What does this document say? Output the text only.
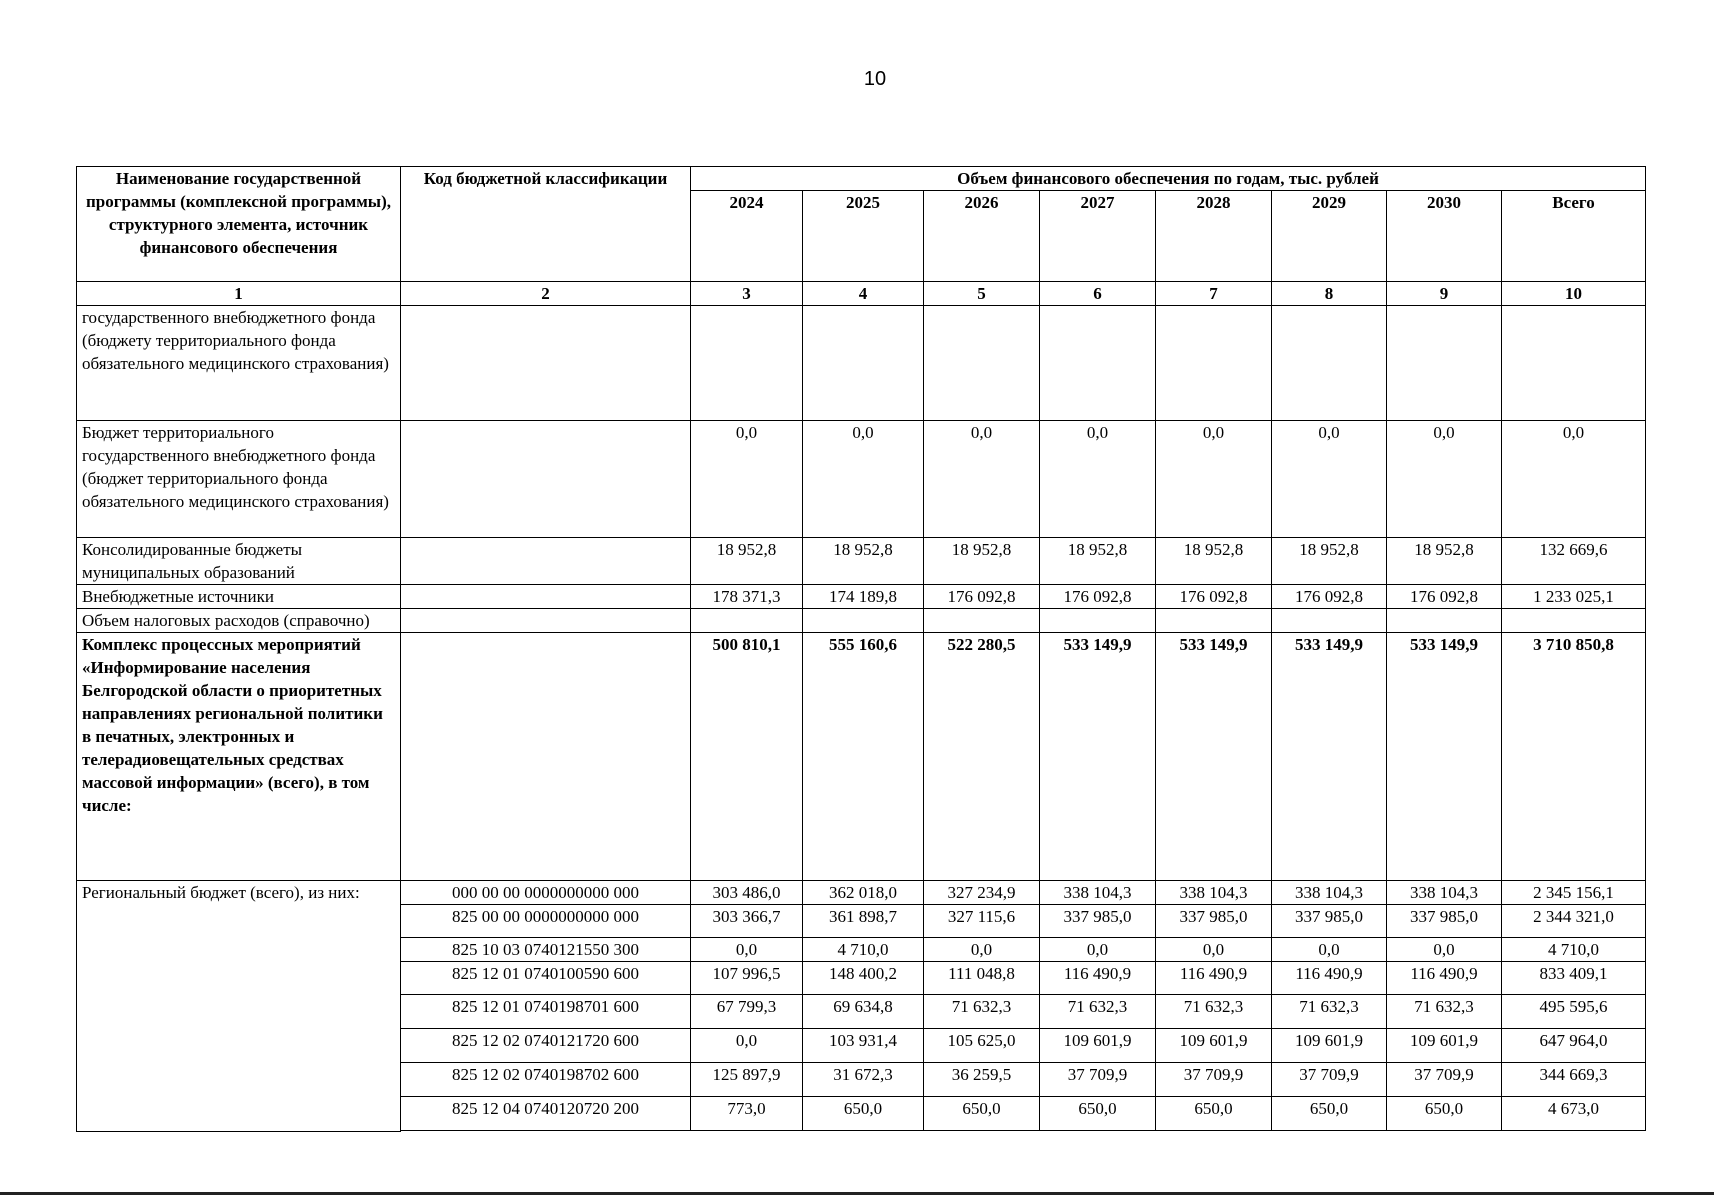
10
Наименование государственной программы (комплексной программы), структурного элемента, источник финансового обеспечения	Код бюджетной классификации	Объем финансового обеспечения по годам, тыс. рублей							
		2024	2025	2026	2027	2028	2029	2030	Всего
1	2	3	4	5	6	7	8	9	10
государственного внебюджетного фонда (бюджету территориального фонда обязательного медицинского страхования)									
Бюджет территориального государственного внебюджетного фонда (бюджет территориального фонда обязательного медицинского страхования)		0,0	0,0	0,0	0,0	0,0	0,0	0,0	0,0
Консолидированные бюджеты муниципальных образований		18 952,8	18 952,8	18 952,8	18 952,8	18 952,8	18 952,8	18 952,8	132 669,6
Внебюджетные источники		178 371,3	174 189,8	176 092,8	176 092,8	176 092,8	176 092,8	176 092,8	1 233 025,1
Объем налоговых расходов (справочно)									
Комплекс процессных мероприятий «Информирование населения Белгородской области о приоритетных направлениях региональной политики в печатных, электронных и телерадиовещательных средствах массовой информации» (всего), в том числе:		500 810,1	555 160,6	522 280,5	533 149,9	533 149,9	533 149,9	533 149,9	3 710 850,8
Региональный бюджет (всего), из них:	000 00 00 0000000000 000	303 486,0	362 018,0	327 234,9	338 104,3	338 104,3	338 104,3	338 104,3	2 345 156,1
	825 00 00 0000000000 000	303 366,7	361 898,7	327 115,6	337 985,0	337 985,0	337 985,0	337 985,0	2 344 321,0
	825 10 03 0740121550 300	0,0	4 710,0	0,0	0,0	0,0	0,0	0,0	4 710,0
	825 12 01 0740100590 600	107 996,5	148 400,2	111 048,8	116 490,9	116 490,9	116 490,9	116 490,9	833 409,1
	825 12 01 0740198701 600	67 799,3	69 634,8	71 632,3	71 632,3	71 632,3	71 632,3	71 632,3	495 595,6
	825 12 02 0740121720 600	0,0	103 931,4	105 625,0	109 601,9	109 601,9	109 601,9	109 601,9	647 964,0
	825 12 02 0740198702 600	125 897,9	31 672,3	36 259,5	37 709,9	37 709,9	37 709,9	37 709,9	344 669,3
	825 12 04 0740120720 200	773,0	650,0	650,0	650,0	650,0	650,0	650,0	4 673,0
